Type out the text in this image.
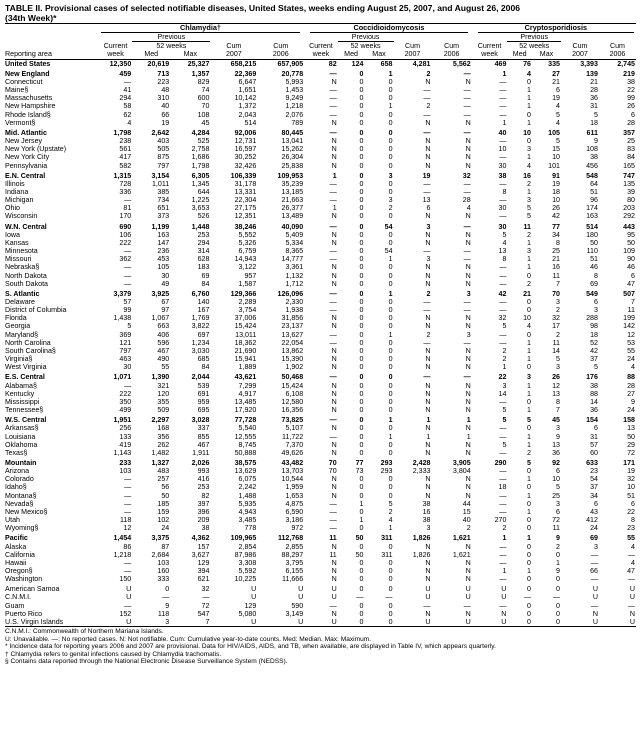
TABLE II. Provisional cases of selected notifiable diseases, United States, weeks ending August 25, 2007, and August 26, 2006
(34th Week)*

	Chlamydia†					Coccidioidomycosis					Cryptosporidiosis				

		Previous					Previous					Previous			
	Current	52 weeks		Cum	Cum	Current	52 weeks		Cum	Cum	Current	52 weeks		Cum	Cum
Reporting area	week	Med	Max	2007	2006	week	Med	Max	2007	2006	week	Med	Max	2007	2006
United States	12,350	20,619	25,327	658,215	657,905	82	124	658	4,281	5,562	469	76	335	3,393	2,745
New England	459	713	1,357	22,369	20,778	—	0	1	2	—	1	4	27	139	219
Connecticut	—	223	829	6,647	5,993	N	0	0	N	N	—	0	21	21	38
Maine§	41	48	74	1,651	1,453	—	0	0	—	—	—	1	6	28	22
Massachusetts	294	310	600	10,142	9,249	—	0	0	—	—	—	1	19	36	99
New Hampshire	58	40	70	1,372	1,218	—	0	1	2	—	—	1	4	31	26
Rhode Island§	62	66	108	2,043	2,076	—	0	0	—	—	—	0	5	5	6
Vermont§	4	19	45	514	789	N	0	0	N	N	1	1	4	18	28
Mid. Atlantic	1,798	2,642	4,284	92,006	80,445	—	0	0	—	—	40	10	105	611	357
New Jersey	238	403	525	12,731	13,041	N	0	0	N	N	—	0	5	9	25
New York (Upstate)	561	505	2,758	16,597	15,262	N	0	0	N	N	10	3	15	108	83
New York City	417	875	1,686	30,252	26,304	N	0	0	N	N	—	1	10	38	84
Pennsylvania	582	797	1,798	32,426	25,838	N	0	0	N	N	30	4	101	456	165
E.N. Central	1,315	3,154	6,305	106,339	109,953	1	0	3	19	32	38	16	91	548	747
Illinois	728	1,011	1,345	31,178	35,239	—	0	0	—	—	—	2	19	64	135
Indiana	336	385	644	13,331	13,185	—	0	0	—	—	8	1	18	51	39
Michigan	—	734	1,225	22,304	21,663	—	0	3	13	28	—	3	10	96	80
Ohio	81	651	3,653	27,175	26,377	1	0	2	6	4	30	5	26	174	203
Wisconsin	170	373	526	12,351	13,489	N	0	0	N	N	—	5	42	163	292
W.N. Central	690	1,199	1,448	38,246	40,090	—	0	54	3	—	30	11	77	514	443
Iowa	106	163	253	5,552	5,409	N	0	0	N	N	5	2	34	180	95
Kansas	222	147	294	5,326	5,334	N	0	0	N	N	4	1	8	50	50
Minnesota	—	236	314	6,759	8,365	—	0	54	—	—	13	3	25	110	109
Missouri	362	453	628	14,943	14,777	—	0	1	3	—	8	1	21	51	90
Nebraska§	—	105	183	3,122	3,361	N	0	0	N	N	—	1	16	46	46
North Dakota	—	30	69	957	1,132	N	0	0	N	N	—	0	11	8	6
South Dakota	—	49	84	1,587	1,712	N	0	0	N	N	—	2	7	69	47
S. Atlantic	3,379	3,925	6,760	129,366	126,096	—	0	1	2	3	42	21	70	549	507
Delaware	57	67	140	2,289	2,330	—	0	0	—	—	—	0	3	6	7
District of Columbia	99	97	167	3,754	1,938	—	0	0	—	—	—	0	2	3	11
Florida	1,438	1,067	1,769	37,006	31,856	N	0	0	N	N	32	10	32	288	199
Georgia	5	663	3,822	15,424	23,137	N	0	0	N	N	5	4	17	98	142
Maryland§	369	406	697	13,011	13,627	—	0	1	2	3	—	0	2	18	12
North Carolina	121	596	1,234	18,362	22,054	—	0	0	—	—	—	1	11	52	53
South Carolina§	797	467	3,030	21,690	13,862	N	0	0	N	N	2	1	14	42	55
Virginia§	463	490	685	15,941	15,390	N	0	0	N	N	2	1	5	37	24
West Virginia	30	55	84	1,889	1,902	N	0	0	N	N	1	0	3	5	4
E.S. Central	1,071	1,390	2,044	43,621	50,468	—	0	0	—	—	22	3	26	176	88
Alabama§	—	321	539	7,299	15,424	N	0	0	N	N	3	1	12	38	28
Kentucky	222	120	691	4,917	6,108	N	0	0	N	N	14	1	13	88	27
Mississippi	350	355	959	13,485	12,580	N	0	0	N	N	—	0	8	14	9
Tennessee§	499	509	695	17,920	16,356	N	0	0	N	N	5	1	7	36	24
W.S. Central	1,951	2,297	3,028	77,728	73,825	—	0	1	1	1	5	5	45	154	158
Arkansas§	256	168	337	5,540	5,107	N	0	0	N	N	—	0	3	6	13
Louisiana	133	356	855	12,555	11,722	—	0	1	1	1	—	1	9	31	50
Oklahoma	419	262	467	8,745	7,370	N	0	0	N	N	5	1	13	57	29
Texas§	1,143	1,482	1,911	50,888	49,626	N	0	0	N	N	—	2	36	60	72
Mountain	233	1,327	2,026	38,575	43,482	70	77	293	2,428	3,905	290	5	92	633	171
Arizona	103	483	993	13,629	13,703	70	73	293	2,333	3,804	—	0	6	23	19
Colorado	—	257	416	6,075	10,544	N	0	0	N	N	—	1	10	54	32
Idaho§	—	56	253	2,242	1,959	N	0	0	N	N	18	0	5	37	10
Montana§	—	50	82	1,488	1,653	N	0	0	N	N	—	1	25	34	51
Nevada§	—	185	397	5,935	4,875	—	1	5	38	44	—	0	3	6	6
New Mexico§	—	159	396	4,943	6,590	—	0	2	16	15	—	1	6	43	22
Utah	118	102	209	3,485	3,186	—	1	4	38	40	270	0	72	412	8
Wyoming§	12	24	38	778	972	—	0	1	3	2	2	0	11	24	23
Pacific	1,454	3,375	4,362	109,965	112,768	11	50	311	1,826	1,621	1	1	9	69	55
Alaska	86	87	157	2,854	2,855	N	0	0	N	N	—	0	2	3	4
California	1,218	2,684	3,627	87,986	88,297	11	50	311	1,826	1,621	—	0	0	—	—
Hawaii	—	103	129	3,308	3,795	N	0	0	N	N	—	0	1	—	4
Oregon§	—	160	394	5,592	6,155	N	0	0	N	N	1	1	9	66	47
Washington	150	333	621	10,225	11,666	N	0	0	N	N	—	0	0	—	—
American Samoa	U	0	32	U	U	U	0	0	U	U	U	0	0	U	U
C.N.M.I.	U	—	—	U	U	U	—	—	U	U	U	—	—	U	U
Guam	—	9	72	129	590	—	0	0	—	—	—	0	0	—	—
Puerto Rico	152	118	547	5,080	3,149	N	0	0	N	N	N	0	0	N	N
U.S. Virgin Islands	U	3	7	U	U	U	0	0	U	U	U	0	0	U	U
C.N.M.I.: Commonwealth of Northern Mariana Islands.
U: Unavailable. —: No reported cases. N: Not notifiable. Cum: Cumulative year-to-date counts. Med: Median. Max: Maximum.
* Incidence data for reporting years 2006 and 2007 are provisional. Data for HIV/AIDS, AIDS, and TB, when available, are displayed in Table IV, which appears quarterly.
† Chlamydia refers to genital infections caused by Chlamydia trachomatis.
§ Contains data reported through the National Electronic Disease Surveillance System (NEDSS).
